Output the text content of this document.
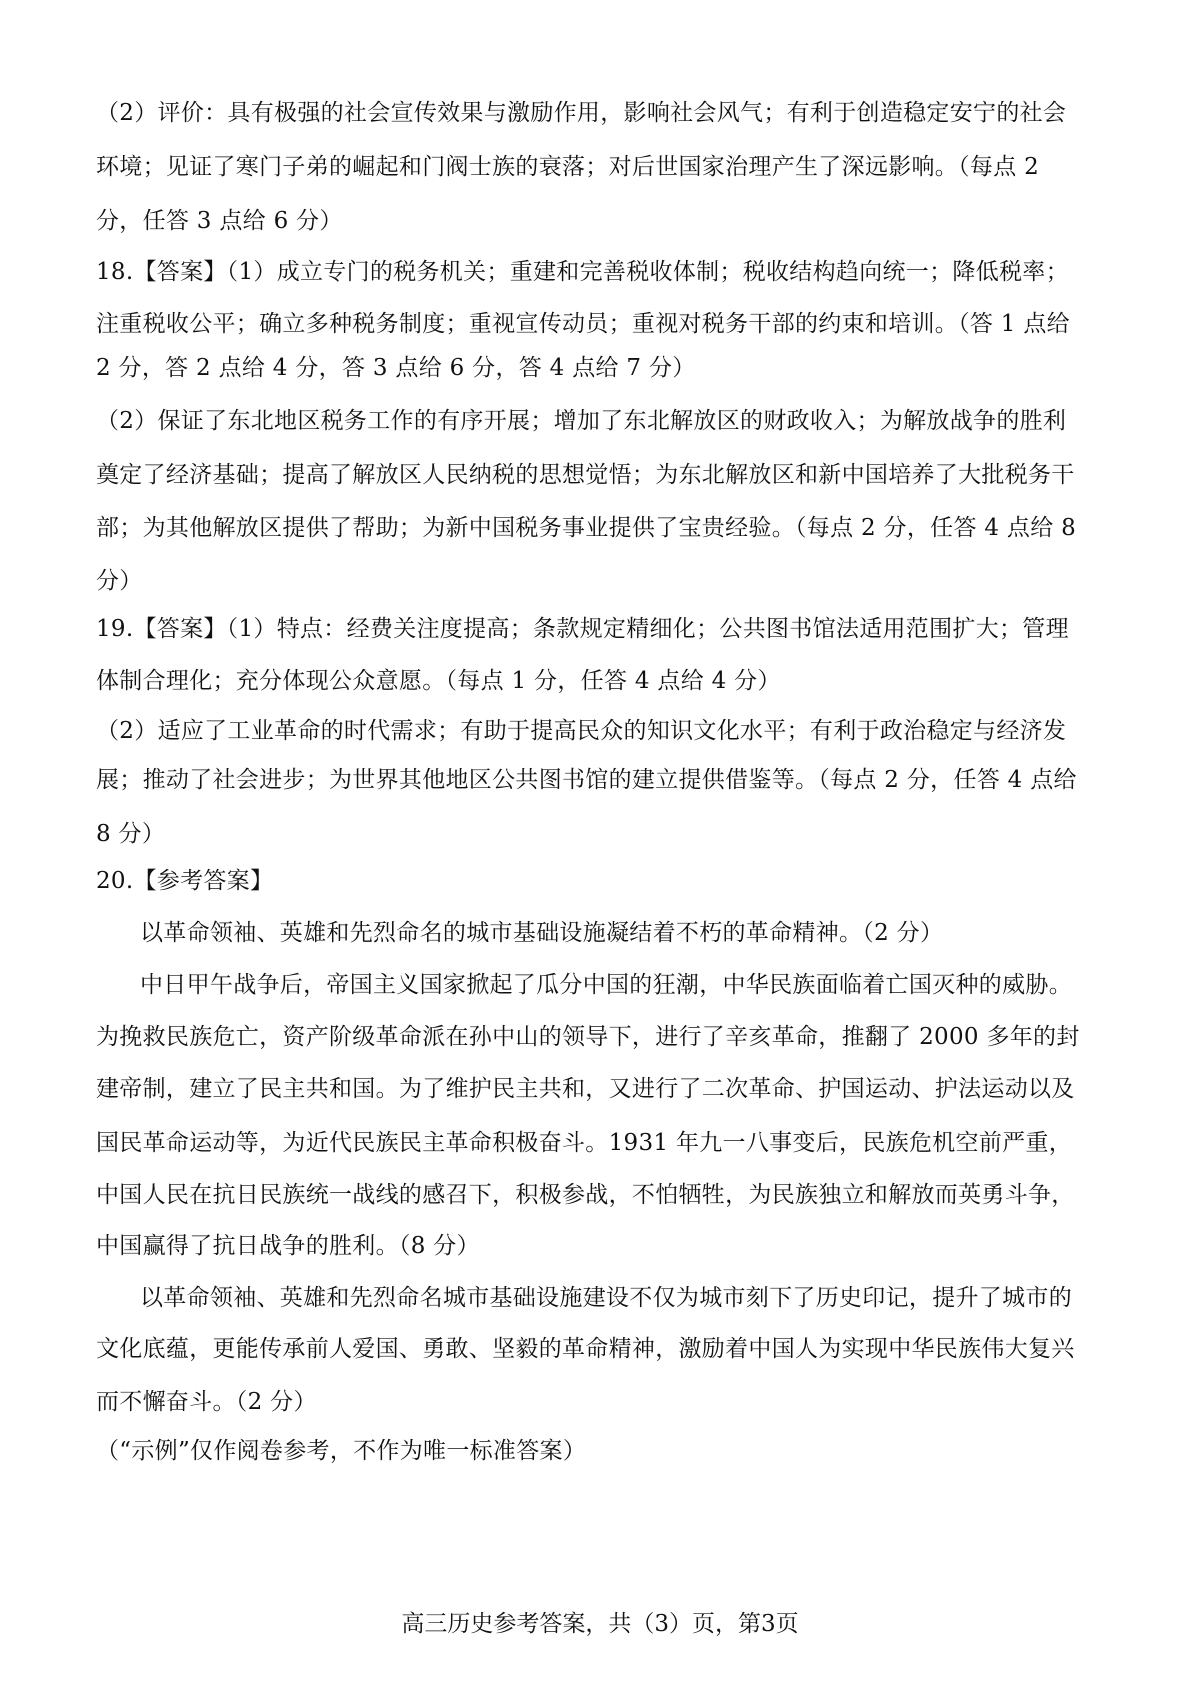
（2）评价：具有极强的社会宣传效果与激励作用，影响社会风气；有利于创造稳定安宁的社会
环境；见证了寒门子弟的崛起和门阀士族的衰落；对后世国家治理产生了深远影响。（每点 2
分，任答 3 点给 6 分）
18.【答案】（1）成立专门的税务机关；重建和完善税收体制；税收结构趋向统一；降低税率；
注重税收公平；确立多种税务制度；重视宣传动员；重视对税务干部的约束和培训。（答 1 点给
2 分，答 2 点给 4 分，答 3 点给 6 分，答 4 点给 7 分）
（2）保证了东北地区税务工作的有序开展；增加了东北解放区的财政收入；为解放战争的胜利
奠定了经济基础；提高了解放区人民纳税的思想觉悟；为东北解放区和新中国培养了大批税务干
部；为其他解放区提供了帮助；为新中国税务事业提供了宝贵经验。（每点 2 分，任答 4 点给 8
分）
19.【答案】（1）特点：经费关注度提高；条款规定精细化；公共图书馆法适用范围扩大；管理
体制合理化；充分体现公众意愿。（每点 1 分，任答 4 点给 4 分）
（2）适应了工业革命的时代需求；有助于提高民众的知识文化水平；有利于政治稳定与经济发
展；推动了社会进步；为世界其他地区公共图书馆的建立提供借鉴等。（每点 2 分，任答 4 点给
8 分）
20.【参考答案】
以革命领袖、英雄和先烈命名的城市基础设施凝结着不朽的革命精神。（2 分）
中日甲午战争后，帝国主义国家掀起了瓜分中国的狂潮，中华民族面临着亡国灭种的威胁。
为挽救民族危亡，资产阶级革命派在孙中山的领导下，进行了辛亥革命，推翻了 2000 多年的封
建帝制，建立了民主共和国。为了维护民主共和，又进行了二次革命、护国运动、护法运动以及
国民革命运动等，为近代民族民主革命积极奋斗。1931 年九一八事变后，民族危机空前严重，
中国人民在抗日民族统一战线的感召下，积极参战，不怕牺牲，为民族独立和解放而英勇斗争，
中国赢得了抗日战争的胜利。（8 分）
以革命领袖、英雄和先烈命名城市基础设施建设不仅为城市刻下了历史印记，提升了城市的
文化底蕴，更能传承前人爱国、勇敢、坚毅的革命精神，激励着中国人为实现中华民族伟大复兴
而不懈奋斗。（2 分）
（“示例”仅作阅卷参考，不作为唯一标准答案）
高三历史参考答案，共（3）页，第3页
